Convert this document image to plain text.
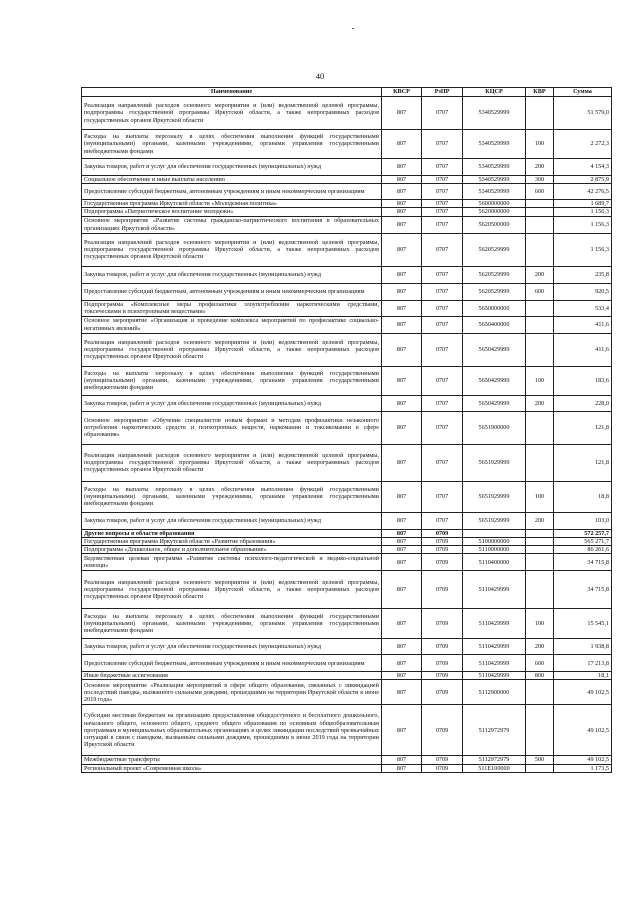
40
Наименование	КВСР	РзПР	КЦСР	КВР	Сумма
Реализация направлений расходов основного мероприятия и (или) ведомственной целевой программы, подпрограммы государственной программы Иркутской области, а также непрограммных расходов государственных органов Иркутской области	807	0707	5340529999		51 579,0
Расходы на выплаты персоналу в целях обеспечения выполнения функций государственными (муниципальными) органами, казенными учреждениями, органами управления государственными внебюджетными фондами	807	0707	5340529999	100	2 272,3
Закупка товаров, работ и услуг для обеспечения государственных (муниципальных) нужд	807	0707	5340529999	200	4 154,3
Социальное обеспечение и иные выплаты населению	807	0707	5340529999	300	2 875,9
Предоставление субсидий бюджетным, автономным учреждениям и иным некоммерческим организациям	807	0707	5340529999	600	42 276,5
Государственная программа Иркутской области «Молодежная политика»	807	0707	5600000000		1 689,7
Подпрограмма «Патриотическое воспитание молодежи»	807	0707	5620000000		1 156,3
Основное мероприятие «Развитие системы гражданско-патриотического воспитания в образовательных организациях Иркутской области»	807	0707	5620500000		1 156,3
Реализация направлений расходов основного мероприятия и (или) ведомственной целевой программы, подпрограммы государственной программы Иркутской области, а также непрограммных расходов государственных органов Иркутской области	807	0707	5620529999		1 156,3
Закупка товаров, работ и услуг для обеспечения государственных (муниципальных) нужд	807	0707	5620529999	200	235,8
Предоставление субсидий бюджетным, автономным учреждениям и иным некоммерческим организациям	807	0707	5620529999	600	920,5
Подпрограмма «Комплексные меры профилактики злоупотребления наркотическими средствами, токсическими и психотропными веществами»	807	0707	5650000000		533,4
Основное мероприятие «Организация и проведение комплекса мероприятий по профилактике социально-негативных явлений»	807	0707	5650400000		411,6
Реализация направлений расходов основного мероприятия и (или) ведомственной целевой программы, подпрограммы государственной программы Иркутской области, а также непрограммных расходов государственных органов Иркутской области	807	0707	5650429999		411,6
Расходы на выплаты персоналу в целях обеспечения выполнения функций государственными (муниципальными) органами, казенными учреждениями, органами управления государственными внебюджетными фондами	807	0707	5650429999	100	183,6
Закупка товаров, работ и услуг для обеспечения государственных (муниципальных) нужд	807	0707	5650429999	200	228,0
Основное мероприятие «Обучение специалистов новым формам и методам профилактики незаконного потребления наркотических средств и психотропных веществ, наркомании и токсикомании в сфере образования»	807	0707	5651900000		121,8
Реализация направлений расходов основного мероприятия и (или) ведомственной целевой программы, подпрограммы государственной программы Иркутской области, а также непрограммных расходов государственных органов Иркутской области	807	0707	5651929999		121,8
Расходы на выплаты персоналу в целях обеспечения выполнения функций государственными (муниципальными) органами, казенными учреждениями, органами управления государственными внебюджетными фондами	807	0707	5651929999	100	18,8
Закупка товаров, работ и услуг для обеспечения государственных (муниципальных) нужд	807	0707	5651929999	200	103,0
Другие вопросы в области образования	807	0709			572 257,7
Государственная программа Иркутской области «Развитие образования»	807	0709	5100000000		565 271,7
Подпрограмма «Дошкольное, общее и дополнительное образование»	807	0709	5110000000		86 261,6
Ведомственная целевая программа «Развитие системы психолого-педагогической и медико-социальной помощи»	807	0709	5110400000		34 715,8
Реализация направлений расходов основного мероприятия и (или) ведомственной целевой программы, подпрограммы государственной программы Иркутской области, а также непрограммных расходов государственных органов Иркутской области	807	0709	5110429999		34 715,8
Расходы на выплаты персоналу в целях обеспечения выполнения функций государственными (муниципальными) органами, казенными учреждениями, органами управления государственными внебюджетными фондами	807	0709	5110429999	100	15 545,1
Закупка товаров, работ и услуг для обеспечения государственных (муниципальных) нужд	807	0709	5110429999	200	1 938,8
Предоставление субсидий бюджетным, автономным учреждениям и иным некоммерческим организациям	807	0709	5110429999	600	17 213,8
Иные бюджетные ассигнования	807	0709	5110429999	800	18,1
Основное мероприятие «Реализация мероприятий в сфере общего образования, связанных с ликвидацией последствий паводка, вызванного сильными дождями, прошедшими на территории Иркутской области в июне 2019 года»	807	0709	5112900000		49 102,5
Субсидии местным бюджетам на организацию предоставления общедоступного и бесплатного дошкольного, начального общего, основного общего, среднего общего образования по основным общеобразовательным программам в муниципальных образовательных организациях в целях ликвидации последствий чрезвычайных ситуаций в связи с паводком, вызванным сильными дождями, прошедшими в июне 2019 года на территории Иркутской области	807	0709	5112972979		49 102,5
Межбюджетные трансферты	807	0709	5112972979	500	49 102,5
Региональный проект «Современная школа»	807	0709	511E100000		1 173,5
